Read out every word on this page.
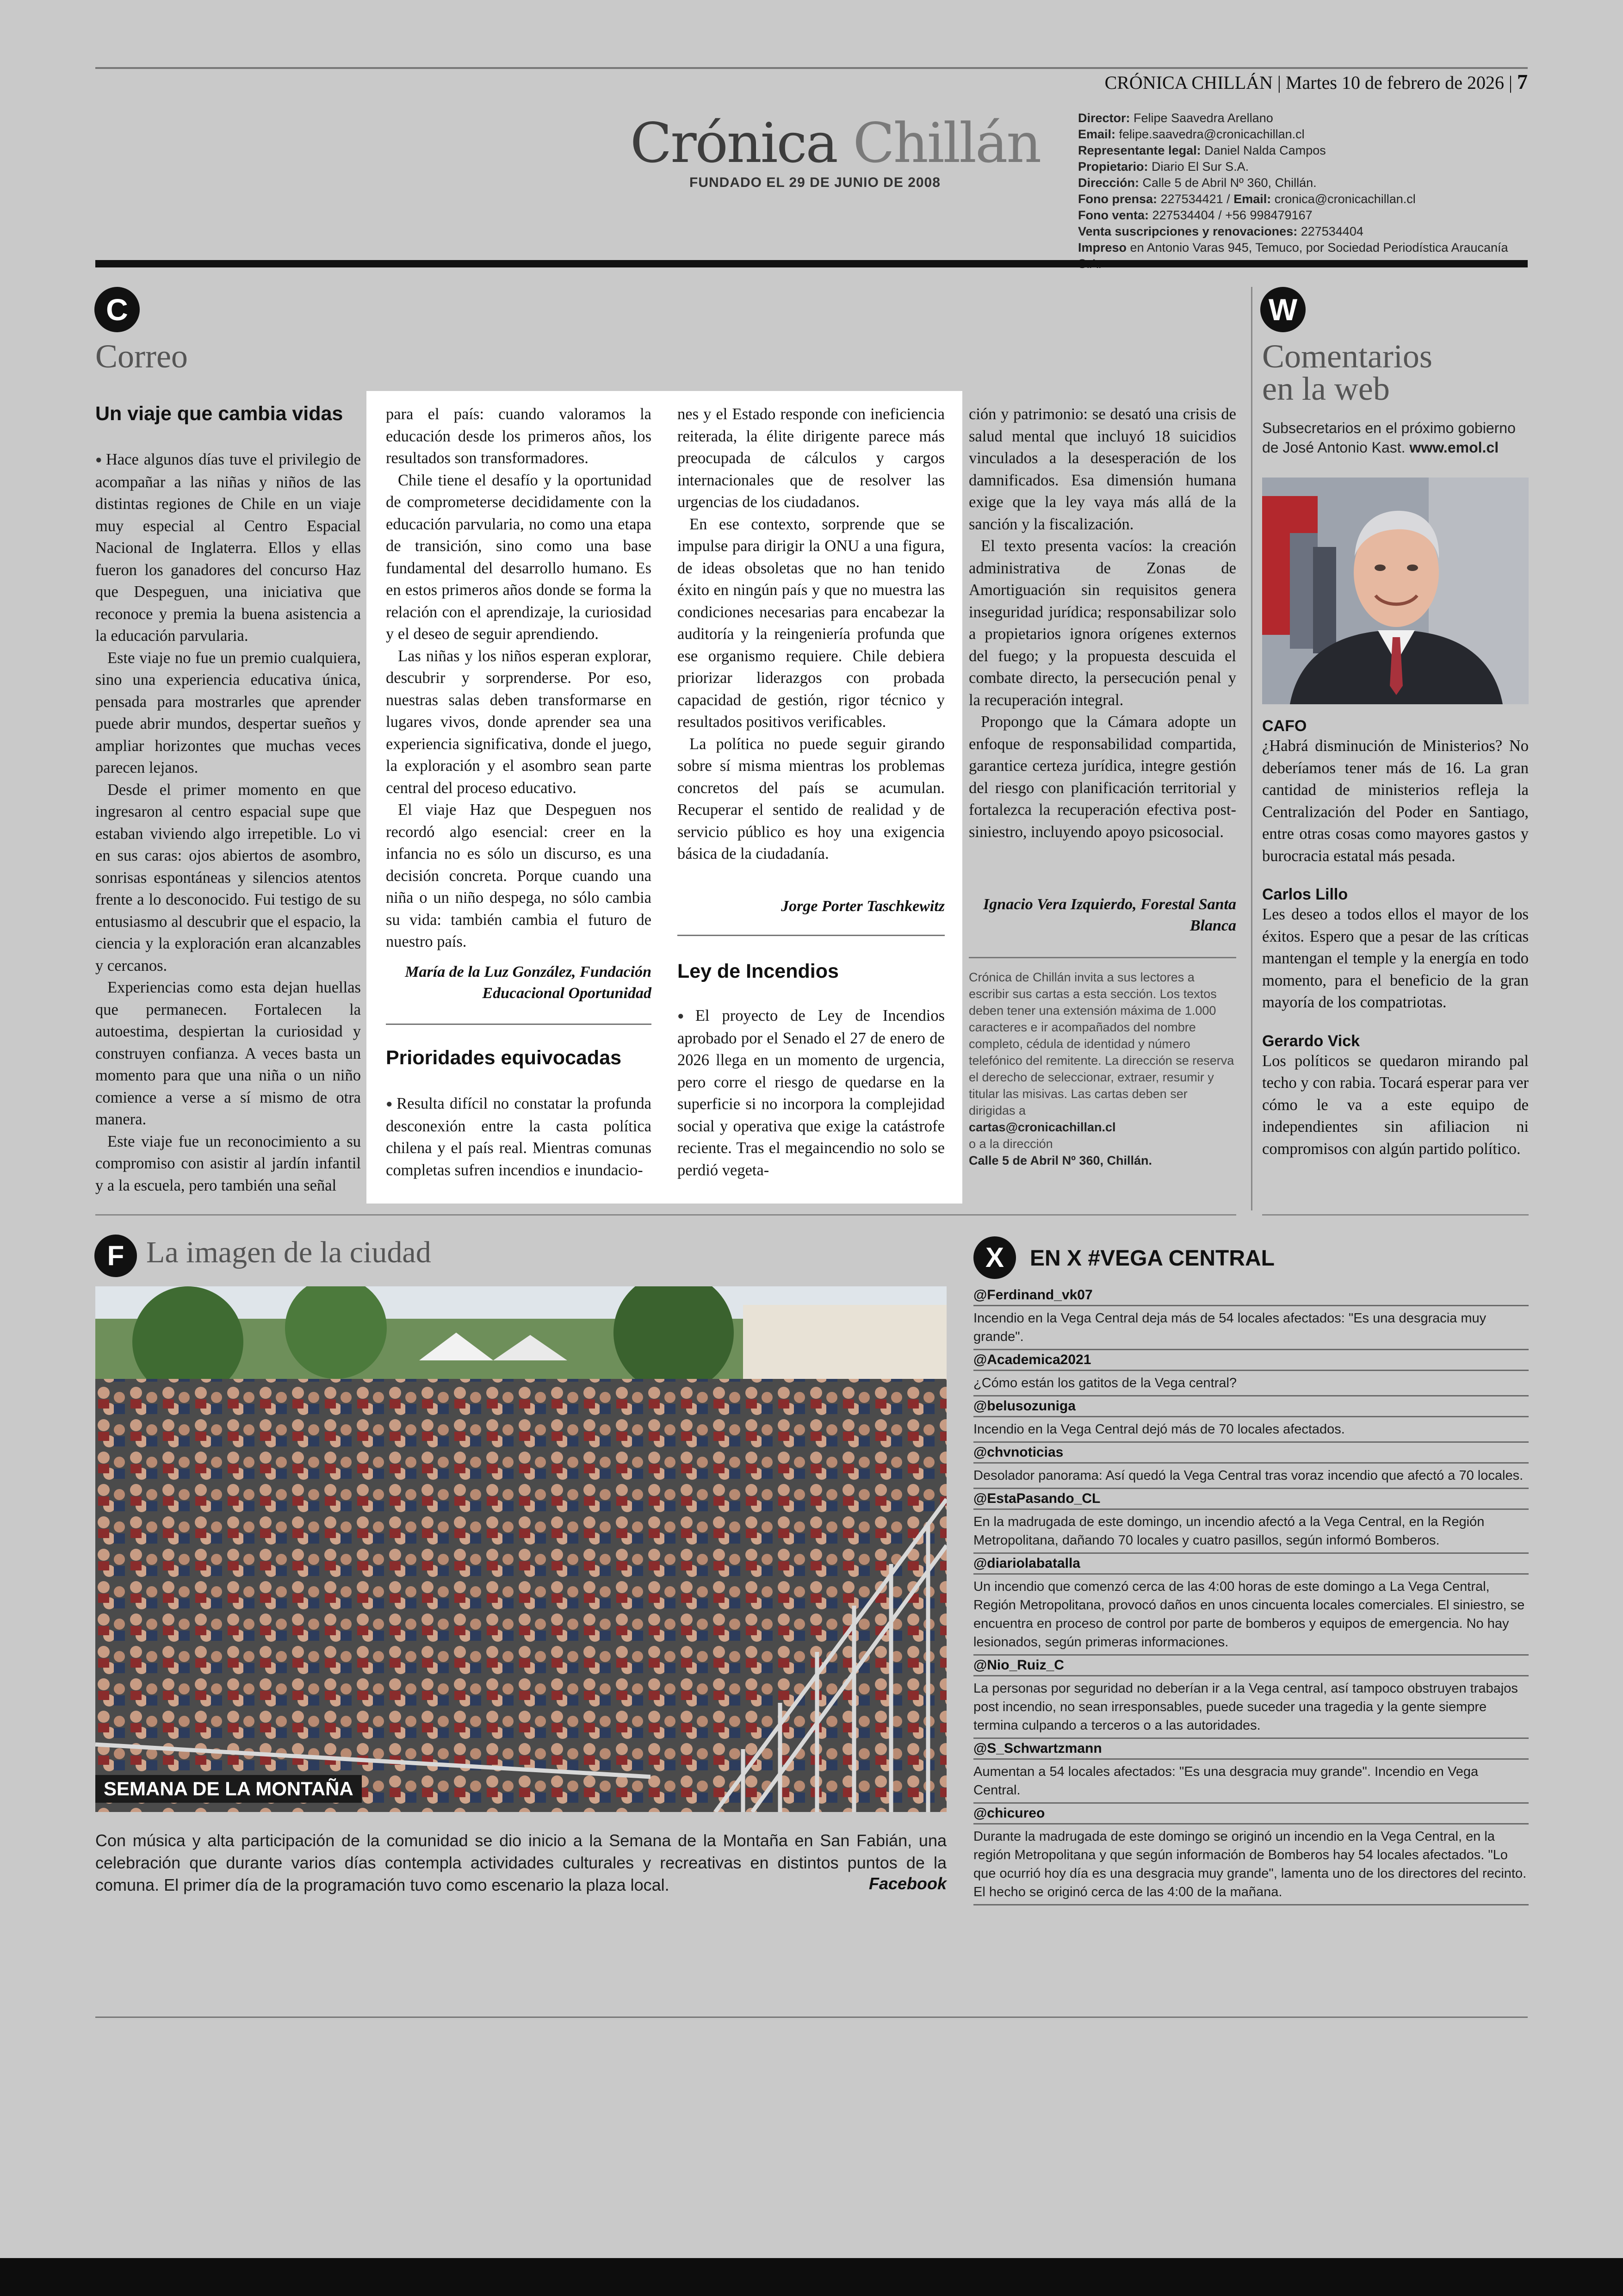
CRÓNICA CHILLÁN | Martes 10 de febrero de 2026 | 7
Crónica Chillán
FUNDADO EL 29 DE JUNIO DE 2008
Director: Felipe Saavedra Arellano
Email: felipe.saavedra@cronicachillan.cl
Representante legal: Daniel Nalda Campos
Propietario: Diario El Sur S.A.
Dirección: Calle 5 de Abril Nº 360, Chillán.
Fono prensa: 227534421 / Email: cronica@cronicachillan.cl
Fono venta: 227534404 / +56 998479167
Venta suscripciones y renovaciones: 227534404
Impreso en Antonio Varas 945, Temuco, por Sociedad Periodística Araucanía
C
Correo
Un viaje que cambia vidas

● Hace algunos días tuve el privilegio de acompañar a las niñas y niños de las distintas regiones de Chile en un viaje muy especial al Centro Espacial Nacional de Inglaterra. Ellos y ellas fueron los ganadores del concurso Haz que Despeguen, una iniciativa que reconoce y premia la buena asistencia a la educación parvularia.

Este viaje no fue un premio cualquiera, sino una experiencia educativa única, pensada para mostrarles que aprender puede abrir mundos, despertar sueños y ampliar horizontes que muchas veces parecen lejanos.

Desde el primer momento en que ingresaron al centro espacial supe que estaban viviendo algo irrepetible. Lo vi en sus caras: ojos abiertos de asombro, sonrisas espontáneas y silencios atentos frente a lo desconocido. Fui testigo de su entusiasmo al descubrir que el espacio, la ciencia y la exploración eran alcanzables y cercanos.

Experiencias como esta dejan huellas que permanecen. Fortalecen la autoestima, despiertan la curiosidad y construyen confianza. A veces basta un momento para que una niña o un niño comience a verse a sí mismo de otra manera.

Este viaje fue un reconocimiento a su compromiso con asistir al jardín infantil y a la escuela, pero también una señal

para el país: cuando valoramos la educación desde los primeros años, los resultados son transformadores.

Chile tiene el desafío y la oportunidad de comprometerse decididamente con la educación parvularia, no como una etapa de transición, sino como una base fundamental del desarrollo humano. Es en estos primeros años donde se forma la relación con el aprendizaje, la curiosidad y el deseo de seguir aprendiendo.

Las niñas y los niños esperan explorar, descubrir y sorprenderse. Por eso, nuestras salas deben transformarse en lugares vivos, donde aprender sea una experiencia significativa, donde el juego, la exploración y el asombro sean parte central del proceso educativo.

El viaje Haz que Despeguen nos recordó algo esencial: creer en la infancia no es sólo un discurso, es una decisión concreta. Porque cuando una niña o un niño despega, no sólo cambia su vida: también cambia el futuro de nuestro país.

María de la Luz González, Fundación
Educacional Oportunidad
Prioridades equivocadas

● Resulta difícil no constatar la profunda desconexión entre la casta política chilena y el país real. Mientras comunas completas sufren incendios e inundacio-

nes y el Estado responde con ineficiencia reiterada, la élite dirigente parece más preocupada de cálculos y cargos internacionales que de resolver las urgencias de los ciudadanos.

En ese contexto, sorprende que se impulse para dirigir la ONU a una figura, de ideas obsoletas que no han tenido éxito en ningún país y que no muestra las condiciones necesarias para encabezar la auditoría y la reingeniería profunda que ese organismo requiere. Chile debiera priorizar liderazgos con probada capacidad de gestión, rigor técnico y resultados positivos verificables.

La política no puede seguir girando sobre sí misma mientras los problemas concretos del país se acumulan. Recuperar el sentido de realidad y de servicio público es hoy una exigencia básica de la ciudadanía.

Jorge Porter Taschkewitz
Ley de Incendios

● El proyecto de Ley de Incendios aprobado por el Senado el 27 de enero de 2026 llega en un momento de urgencia, pero corre el riesgo de quedarse en la superficie si no incorpora la complejidad social y operativa que exige la catástrofe reciente. Tras el megaincendio no solo se perdió vegeta-

ción y patrimonio: se desató una crisis de salud mental que incluyó 18 suicidios vinculados a la desesperación de los damnificados. Esa dimensión humana exige que la ley vaya más allá de la sanción y la fiscalización.

El texto presenta vacíos: la creación administrativa de Zonas de Amortiguación sin requisitos genera inseguridad jurídica; responsabilizar solo a propietarios ignora orígenes externos del fuego; y la propuesta descuida el combate directo, la persecución penal y la recuperación integral.

Propongo que la Cámara adopte un enfoque de responsabilidad compartida, garantice certeza jurídica, integre gestión del riesgo con planificación territorial y fortalezca la recuperación efectiva post-siniestro, incluyendo apoyo psicosocial.

Ignacio Vera Izquierdo, Forestal Santa
Blanca
Crónica de Chillán invita a sus lectores a escribir sus cartas a esta sección. Los textos deben tener una extensión máxima de 1.000 caracteres e ir acompañados del nombre completo, cédula de identidad y número telefónico del remitente. La dirección se reserva el derecho de seleccionar, extraer, resumir y titular las misivas. Las cartas deben ser dirigidas a
cartas@cronicachillan.cl
o a la dirección
Calle 5 de Abril Nº 360, Chillán.
W
Comentarios
en la web
Subsecretarios en el próximo gobierno de José Antonio Kast. www.emol.cl
CAFO
¿Habrá disminución de Ministerios? No deberíamos tener más de 16. La gran cantidad de ministerios refleja la Centralización del Poder en Santiago, entre otras cosas como mayores gastos y burocracia estatal más pesada.
Carlos Lillo
Les deseo a todos ellos el mayor de los éxitos. Espero que a pesar de las críticas mantengan el temple y la energía en todo momento, para el beneficio de la gran mayoría de los compatriotas.
Gerardo Vick
Los políticos se quedaron mirando pal techo y con rabia. Tocará esperar para ver cómo le va a este equipo de independientes sin afiliacion ni compromisos con algún partido político.
F La imagen de la ciudad
SEMANA DE LA MONTAÑA
Con música y alta participación de la comunidad se dio inicio a la Semana de la Montaña en San Fabián, una celebración que durante varios días contempla actividades culturales y recreativas en distintos puntos de la comuna. El primer día de la programación tuvo como escenario la plaza local.	Facebook
X	EN X #VEGA CENTRAL
@Ferdinand_vk07
Incendio en la Vega Central deja más de 54 locales afectados: "Es una desgracia muy grande".
@Academica2021
¿Cómo están los gatitos de la Vega central?
@belusozuniga
Incendio en la Vega Central dejó más de 70 locales afectados.
@chvnoticias
Desolador panorama: Así quedó la Vega Central tras voraz incendio que afectó a 70 locales.
@EstaPasando_CL
En la madrugada de este domingo, un incendio afectó a la Vega Central, en la Región Metropolitana, dañando 70 locales y cuatro pasillos, según informó Bomberos.
@diariolabatalla
Un incendio que comenzó cerca de las 4:00 horas de este domingo a La Vega Central, Región Metropolitana, provocó daños en unos cincuenta locales comerciales. El siniestro, se encuentra en proceso de control por parte de bomberos y equipos de emergencia. No hay lesionados, según primeras informaciones.
@Nio_Ruiz_C
La personas por seguridad no deberían ir a la Vega central, así tampoco obstruyen trabajos post incendio, no sean irresponsables, puede suceder una tragedia y la gente siempre termina culpando a terceros o a las autoridades.
@S_Schwartzmann
Aumentan a 54 locales afectados: "Es una desgracia muy grande". Incendio en Vega Central.
@chicureo
Durante la madrugada de este domingo se originó un incendio en la Vega Central, en la región Metropolitana y que según información de Bomberos hay 54 locales afectados. "Lo que ocurrió hoy día es una desgracia muy grande", lamenta uno de los directores del recinto. El hecho se originó cerca de las 4:00 de la mañana.
